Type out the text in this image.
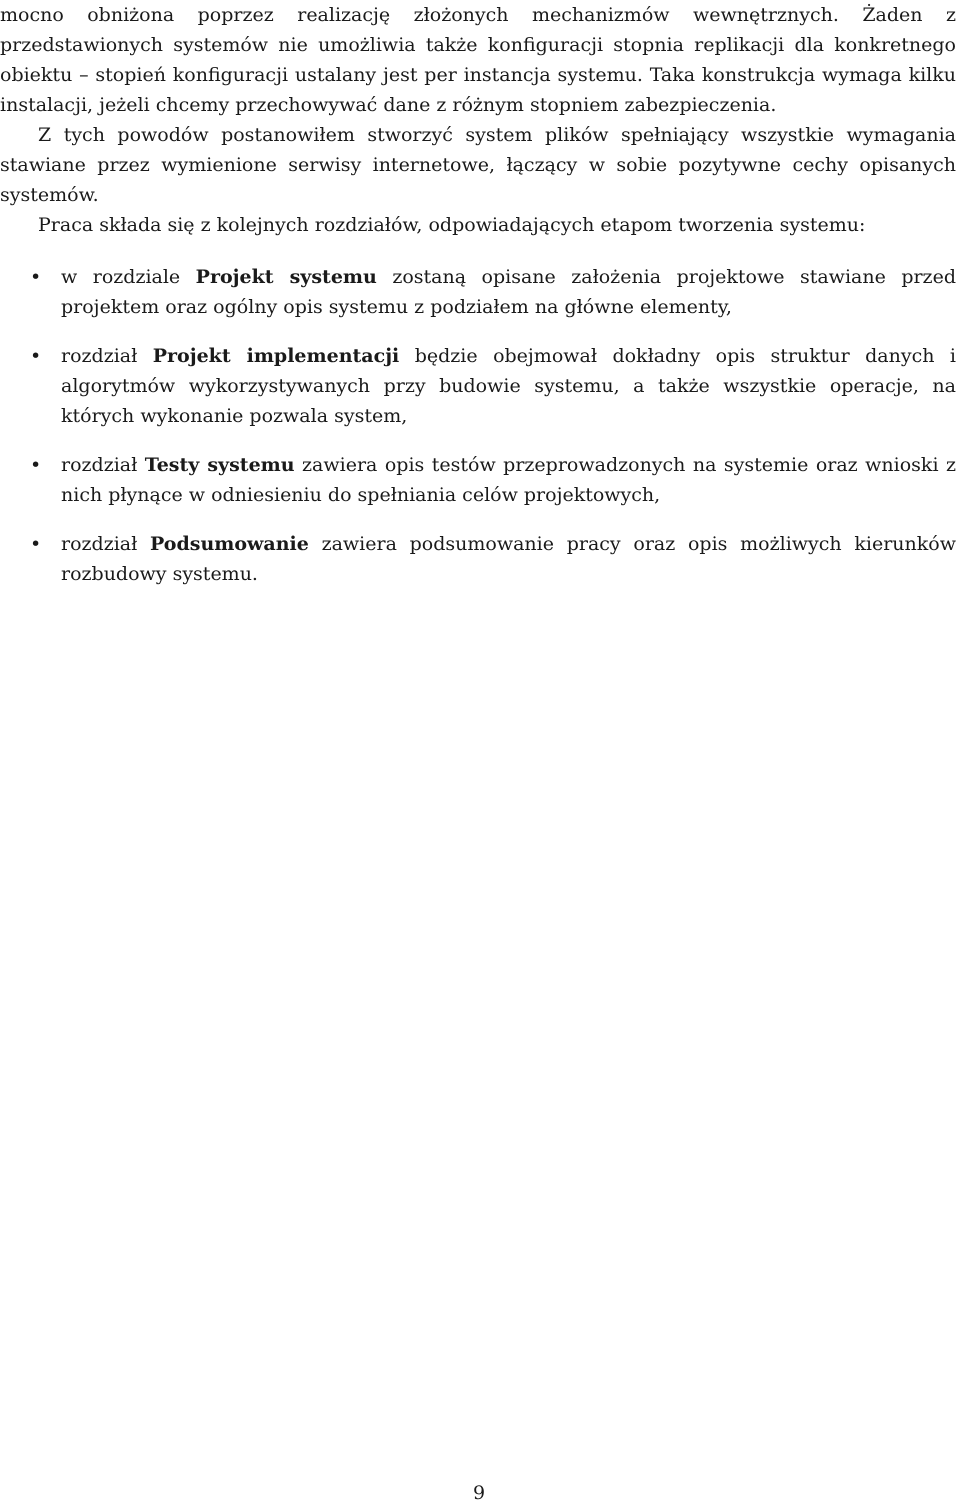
mocno obniżona poprzez realizację złożonych mechanizmów wewnętrznych. Żaden z przedstawionych systemów nie umożliwia także konfiguracji stopnia replikacji dla konkretnego obiektu – stopień konfiguracji ustalany jest per instancja systemu. Taka konstrukcja wymaga kilku instalacji, jeżeli chcemy przechowywać dane z różnym stopniem zabezpieczenia.

Z tych powodów postanowiłem stworzyć system plików spełniający wszystkie wymagania stawiane przez wymienione serwisy internetowe, łączący w sobie pozytywne cechy opisanych systemów.

Praca składa się z kolejnych rozdziałów, odpowiadających etapom tworzenia systemu:

• w rozdziale Projekt systemu zostaną opisane założenia projektowe stawiane przed projektem oraz ogólny opis systemu z podziałem na główne elementy,
• rozdział Projekt implementacji będzie obejmował dokładny opis struktur danych i algorytmów wykorzystywanych przy budowie systemu, a także wszystkie operacje, na których wykonanie pozwala system,
• rozdział Testy systemu zawiera opis testów przeprowadzonych na systemie oraz wnioski z nich płynące w odniesieniu do spełniania celów projektowych,
• rozdział Podsumowanie zawiera podsumowanie pracy oraz opis możliwych kierunków rozbudowy systemu.
9
